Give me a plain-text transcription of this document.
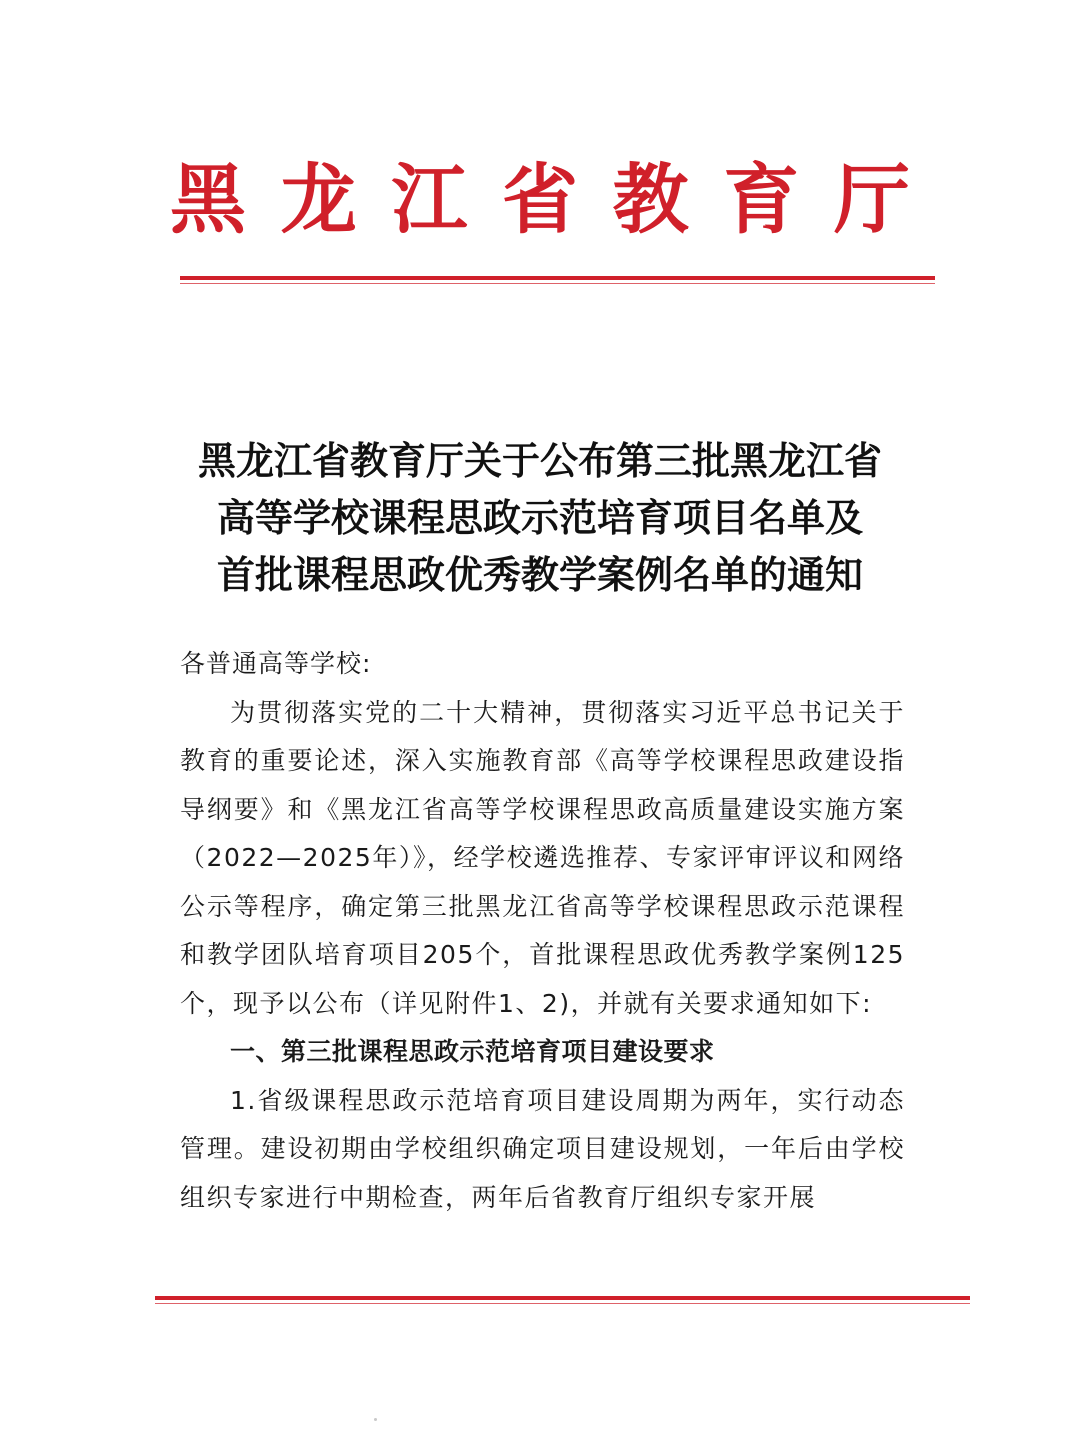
黑 龙 江 省 教 育 厅
黑龙江省教育厅关于公布第三批黑龙江省
高等学校课程思政示范培育项目名单及
首批课程思政优秀教学案例名单的通知

各普通高等学校:

为贯彻落实党的二十大精神，贯彻落实习近平总书记关于教育的重要论述，深入实施教育部《高等学校课程思政建设指导纲要》和《黑龙江省高等学校课程思政高质量建设实施方案（2022—2025年）》，经学校遴选推荐、专家评审评议和网络公示等程序，确定第三批黑龙江省高等学校课程思政示范课程和教学团队培育项目205个，首批课程思政优秀教学案例125个，现予以公布（详见附件1、2)，并就有关要求通知如下:

一、第三批课程思政示范培育项目建设要求

1.省级课程思政示范培育项目建设周期为两年，实行动态管理。建设初期由学校组织确定项目建设规划，一年后由学校组织专家进行中期检查，两年后省教育厅组织专家开展
